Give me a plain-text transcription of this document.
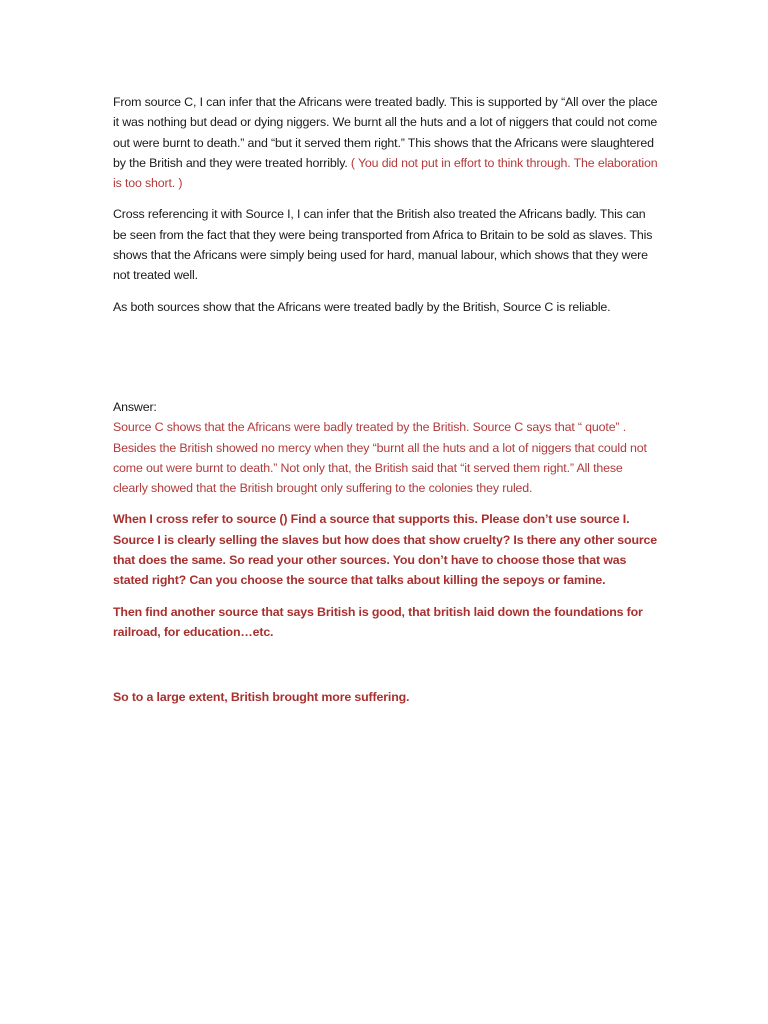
From source C, I can infer that the Africans were treated badly. This is supported by “All over the place it was nothing but dead or dying niggers. We burnt all the huts and a lot of niggers that could not come out were burnt to death.” and “but it served them right.” This shows that the Africans were slaughtered by the British and they were treated horribly. ( You did not put in effort to think through. The elaboration is too short. )

Cross referencing it with Source I, I can infer that the British also treated the Africans badly. This can be seen from the fact that they were being transported from Africa to Britain to be sold as slaves. This shows that the Africans were simply being used for hard, manual labour, which shows that they were not treated well.

As both sources show that the Africans were treated badly by the British, Source C is reliable.

Answer:

Source C shows that the Africans were badly treated by the British. Source C says that “ quote” . Besides the British showed no mercy when they “burnt all the huts and a lot of niggers that could not come out were burnt to death.” Not only that, the British said that “it served them right.” All these clearly showed that the British brought only suffering to the colonies they ruled.

When I cross refer to source () Find a source that supports this. Please don’t use source I. Source I is clearly selling the slaves but how does that show cruelty? Is there any other source that does the same. So read your other sources. You don’t have to choose those that was stated right? Can you choose the source that talks about killing the sepoys or famine.

Then find another source that says British is good, that british laid down the foundations for railroad, for education…etc.

So to a large extent, British brought more suffering.
